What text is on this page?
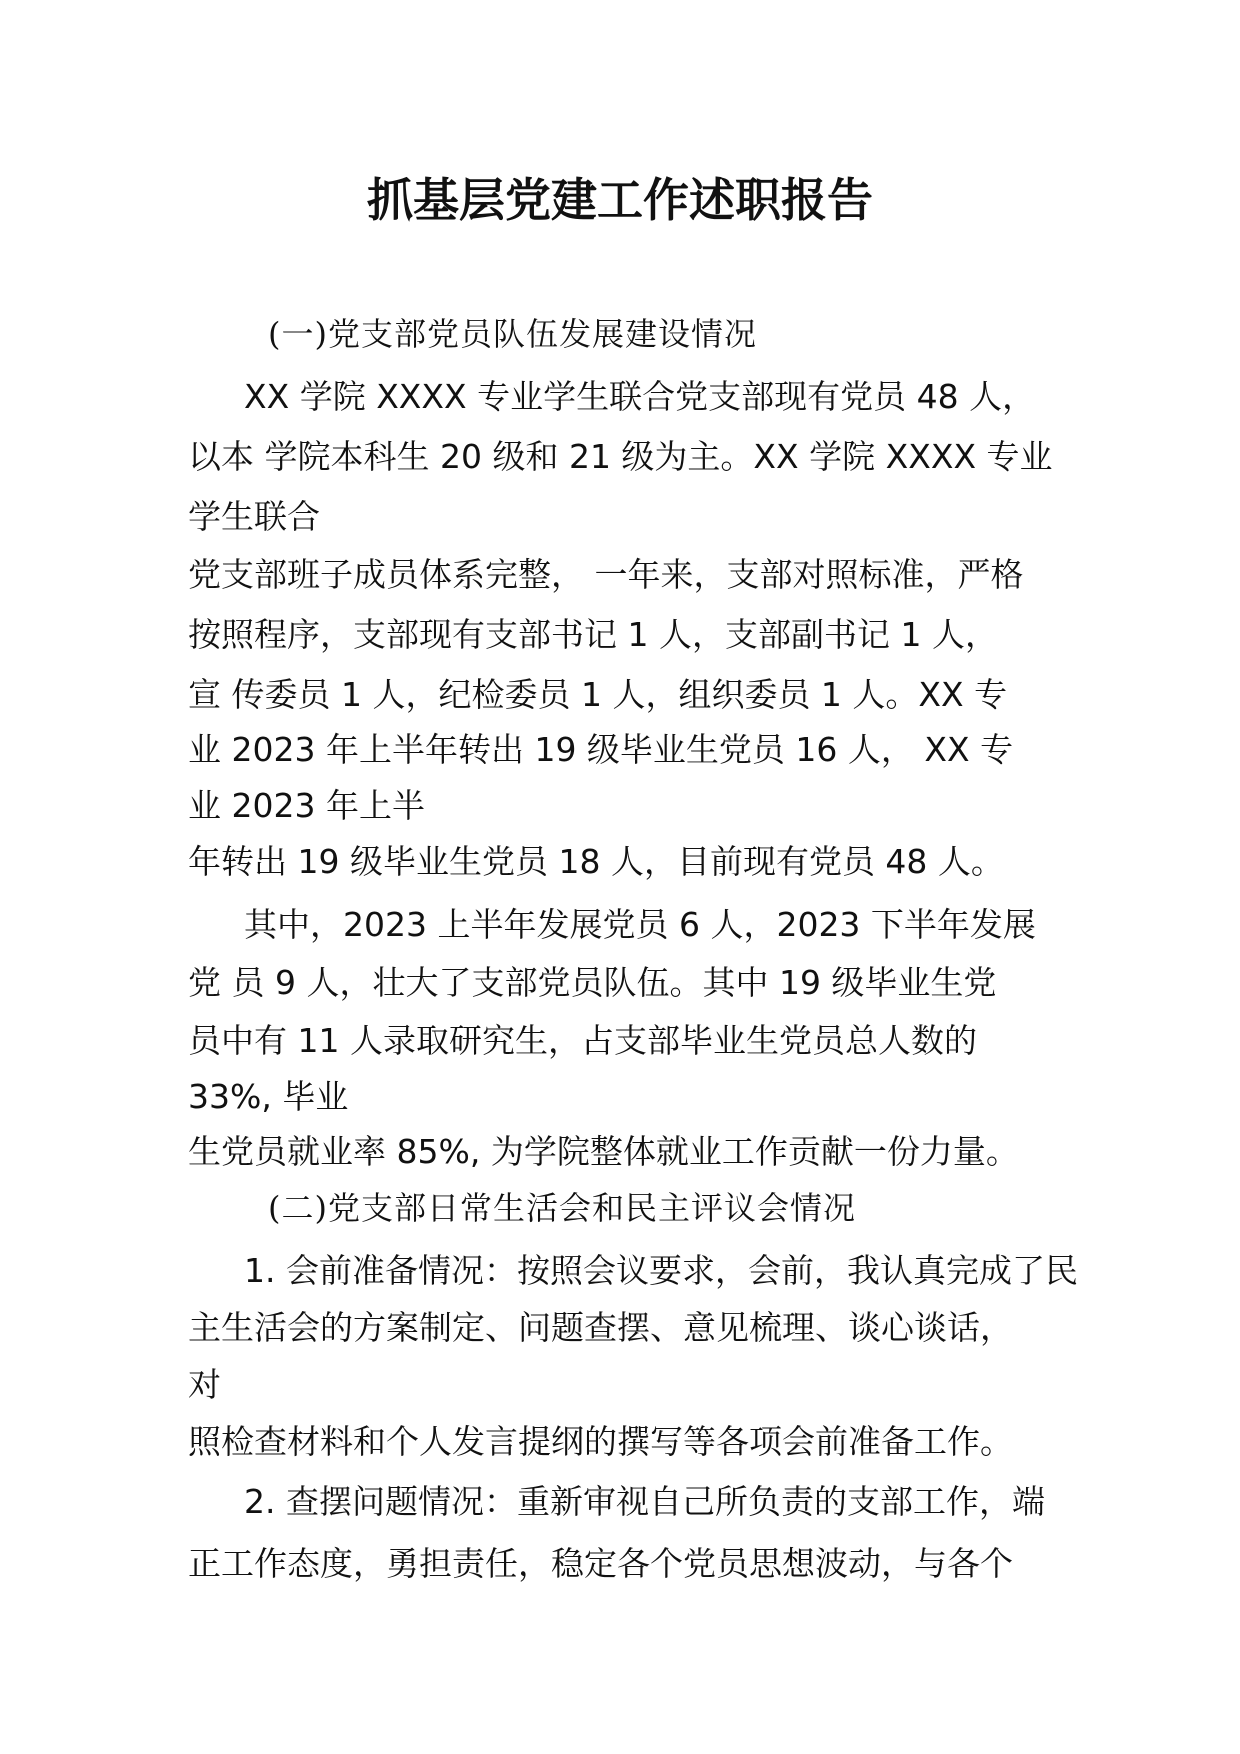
抓基层党建工作述职报告

(一)党支部党员队伍发展建设情况

XX 学院 XXXX 专业学生联合党支部现有党员 48 人，

以本 学院本科生 20 级和 21 级为主。XX 学院 XXXX 专业

学生联合

党支部班子成员体系完整， 一年来，支部对照标准，严格

按照程序，支部现有支部书记 1 人，支部副书记 1 人，

宣 传委员 1 人，纪检委员 1 人，组织委员 1 人。XX 专

业 2023 年上半年转出 19 级毕业生党员 16 人， XX 专

业 2023 年上半

年转出 19 级毕业生党员 18 人，目前现有党员 48 人。

其中，2023 上半年发展党员 6 人，2023 下半年发展

党 员 9 人，壮大了支部党员队伍。其中 19 级毕业生党

员中有 11 人录取研究生，占支部毕业生党员总人数的

33%, 毕业

生党员就业率 85%, 为学院整体就业工作贡献一份力量。

(二)党支部日常生活会和民主评议会情况

1. 会前准备情况：按照会议要求，会前，我认真完成了民

主生活会的方案制定、问题查摆、意见梳理、谈心谈话，

对

照检查材料和个人发言提纲的撰写等各项会前准备工作。

2. 查摆问题情况：重新审视自己所负责的支部工作，端

正工作态度，勇担责任，稳定各个党员思想波动，与各个
